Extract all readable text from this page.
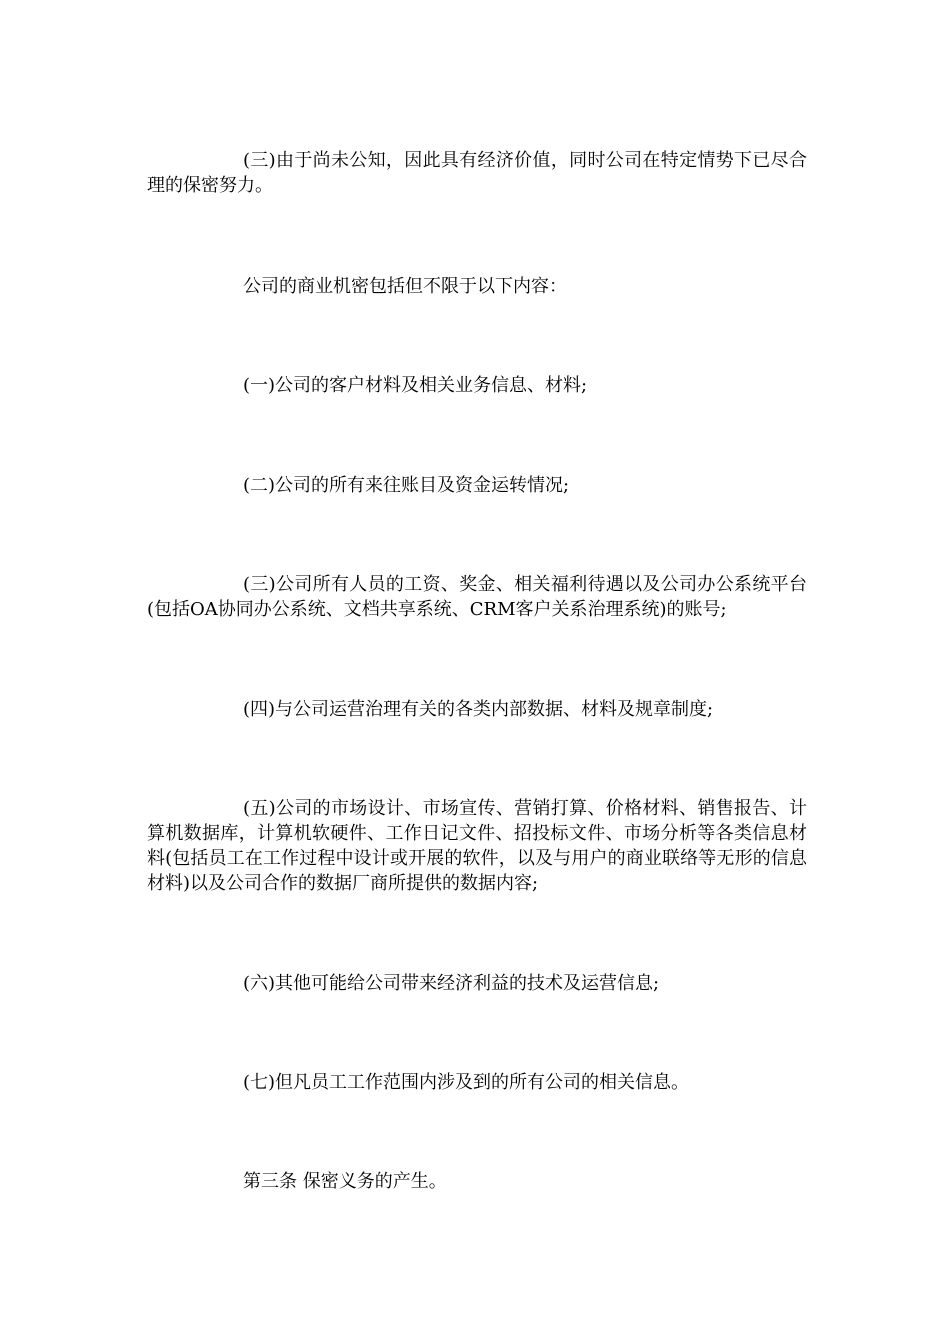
(三)由于尚未公知，因此具有经济价值，同时公司在特定情势下已尽合理的保密努力。

公司的商业机密包括但不限于以下内容：

(一)公司的客户材料及相关业务信息、材料;

(二)公司的所有来往账目及资金运转情况;

(三)公司所有人员的工资、奖金、相关福利待遇以及公司办公系统平台(包括OA协同办公系统、文档共享系统、CRM客户关系治理系统)的账号;

(四)与公司运营治理有关的各类内部数据、材料及规章制度;

(五)公司的市场设计、市场宣传、营销打算、价格材料、销售报告、计算机数据库，计算机软硬件、工作日记文件、招投标文件、市场分析等各类信息材料(包括员工在工作过程中设计或开展的软件，以及与用户的商业联络等无形的信息材料)以及公司合作的数据厂商所提供的数据内容;

(六)其他可能给公司带来经济利益的技术及运营信息;

(七)但凡员工工作范围内涉及到的所有公司的相关信息。

第三条 保密义务的产生。
